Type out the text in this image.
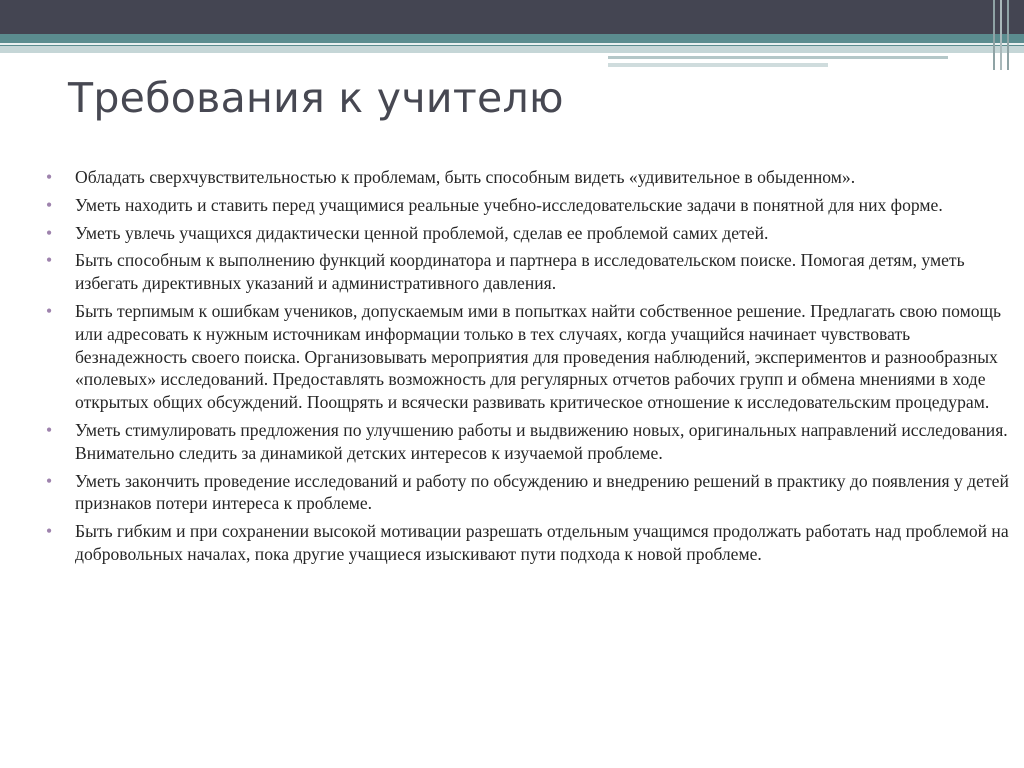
Требования к учителю
• Обладать сверхчувствительностью к проблемам, быть способным видеть «удивительное в обыденном».
• Уметь находить и ставить перед учащимися реальные учебно-исследовательские задачи в понятной для них форме.
• Уметь увлечь учащихся дидактически ценной проблемой, сделав ее проблемой самих детей.
• Быть способным к выполнению функций координатора и партнера в исследовательском поиске. Помогая детям, уметь избегать директивных указаний и административного давления.
• Быть терпимым к ошибкам учеников, допускаемым ими в попытках найти собственное решение. Предлагать свою помощь или адресовать к нужным источникам информации только в тех случаях, когда учащийся начинает чувствовать безнадежность своего поиска. Организовывать мероприятия для проведения наблюдений, экспериментов и разнообразных «полевых» исследований. Предоставлять возможность для регулярных отчетов рабочих групп и обмена мнениями в ходе открытых общих обсуждений. Поощрять и всячески развивать критическое отношение к исследовательским процедурам.
• Уметь стимулировать предложения по улучшению работы и выдвижению новых, оригинальных направлений исследования. Внимательно следить за динамикой детских интересов к изучаемой проблеме.
• Уметь закончить проведение исследований и работу по обсуждению и внедрению решений в практику до появления у детей признаков потери интереса к проблеме.
• Быть гибким и при сохранении высокой мотивации разрешать отдельным учащимся продолжать работать над проблемой на добровольных началах, пока другие учащиеся изыскивают пути подхода к новой проблеме.
